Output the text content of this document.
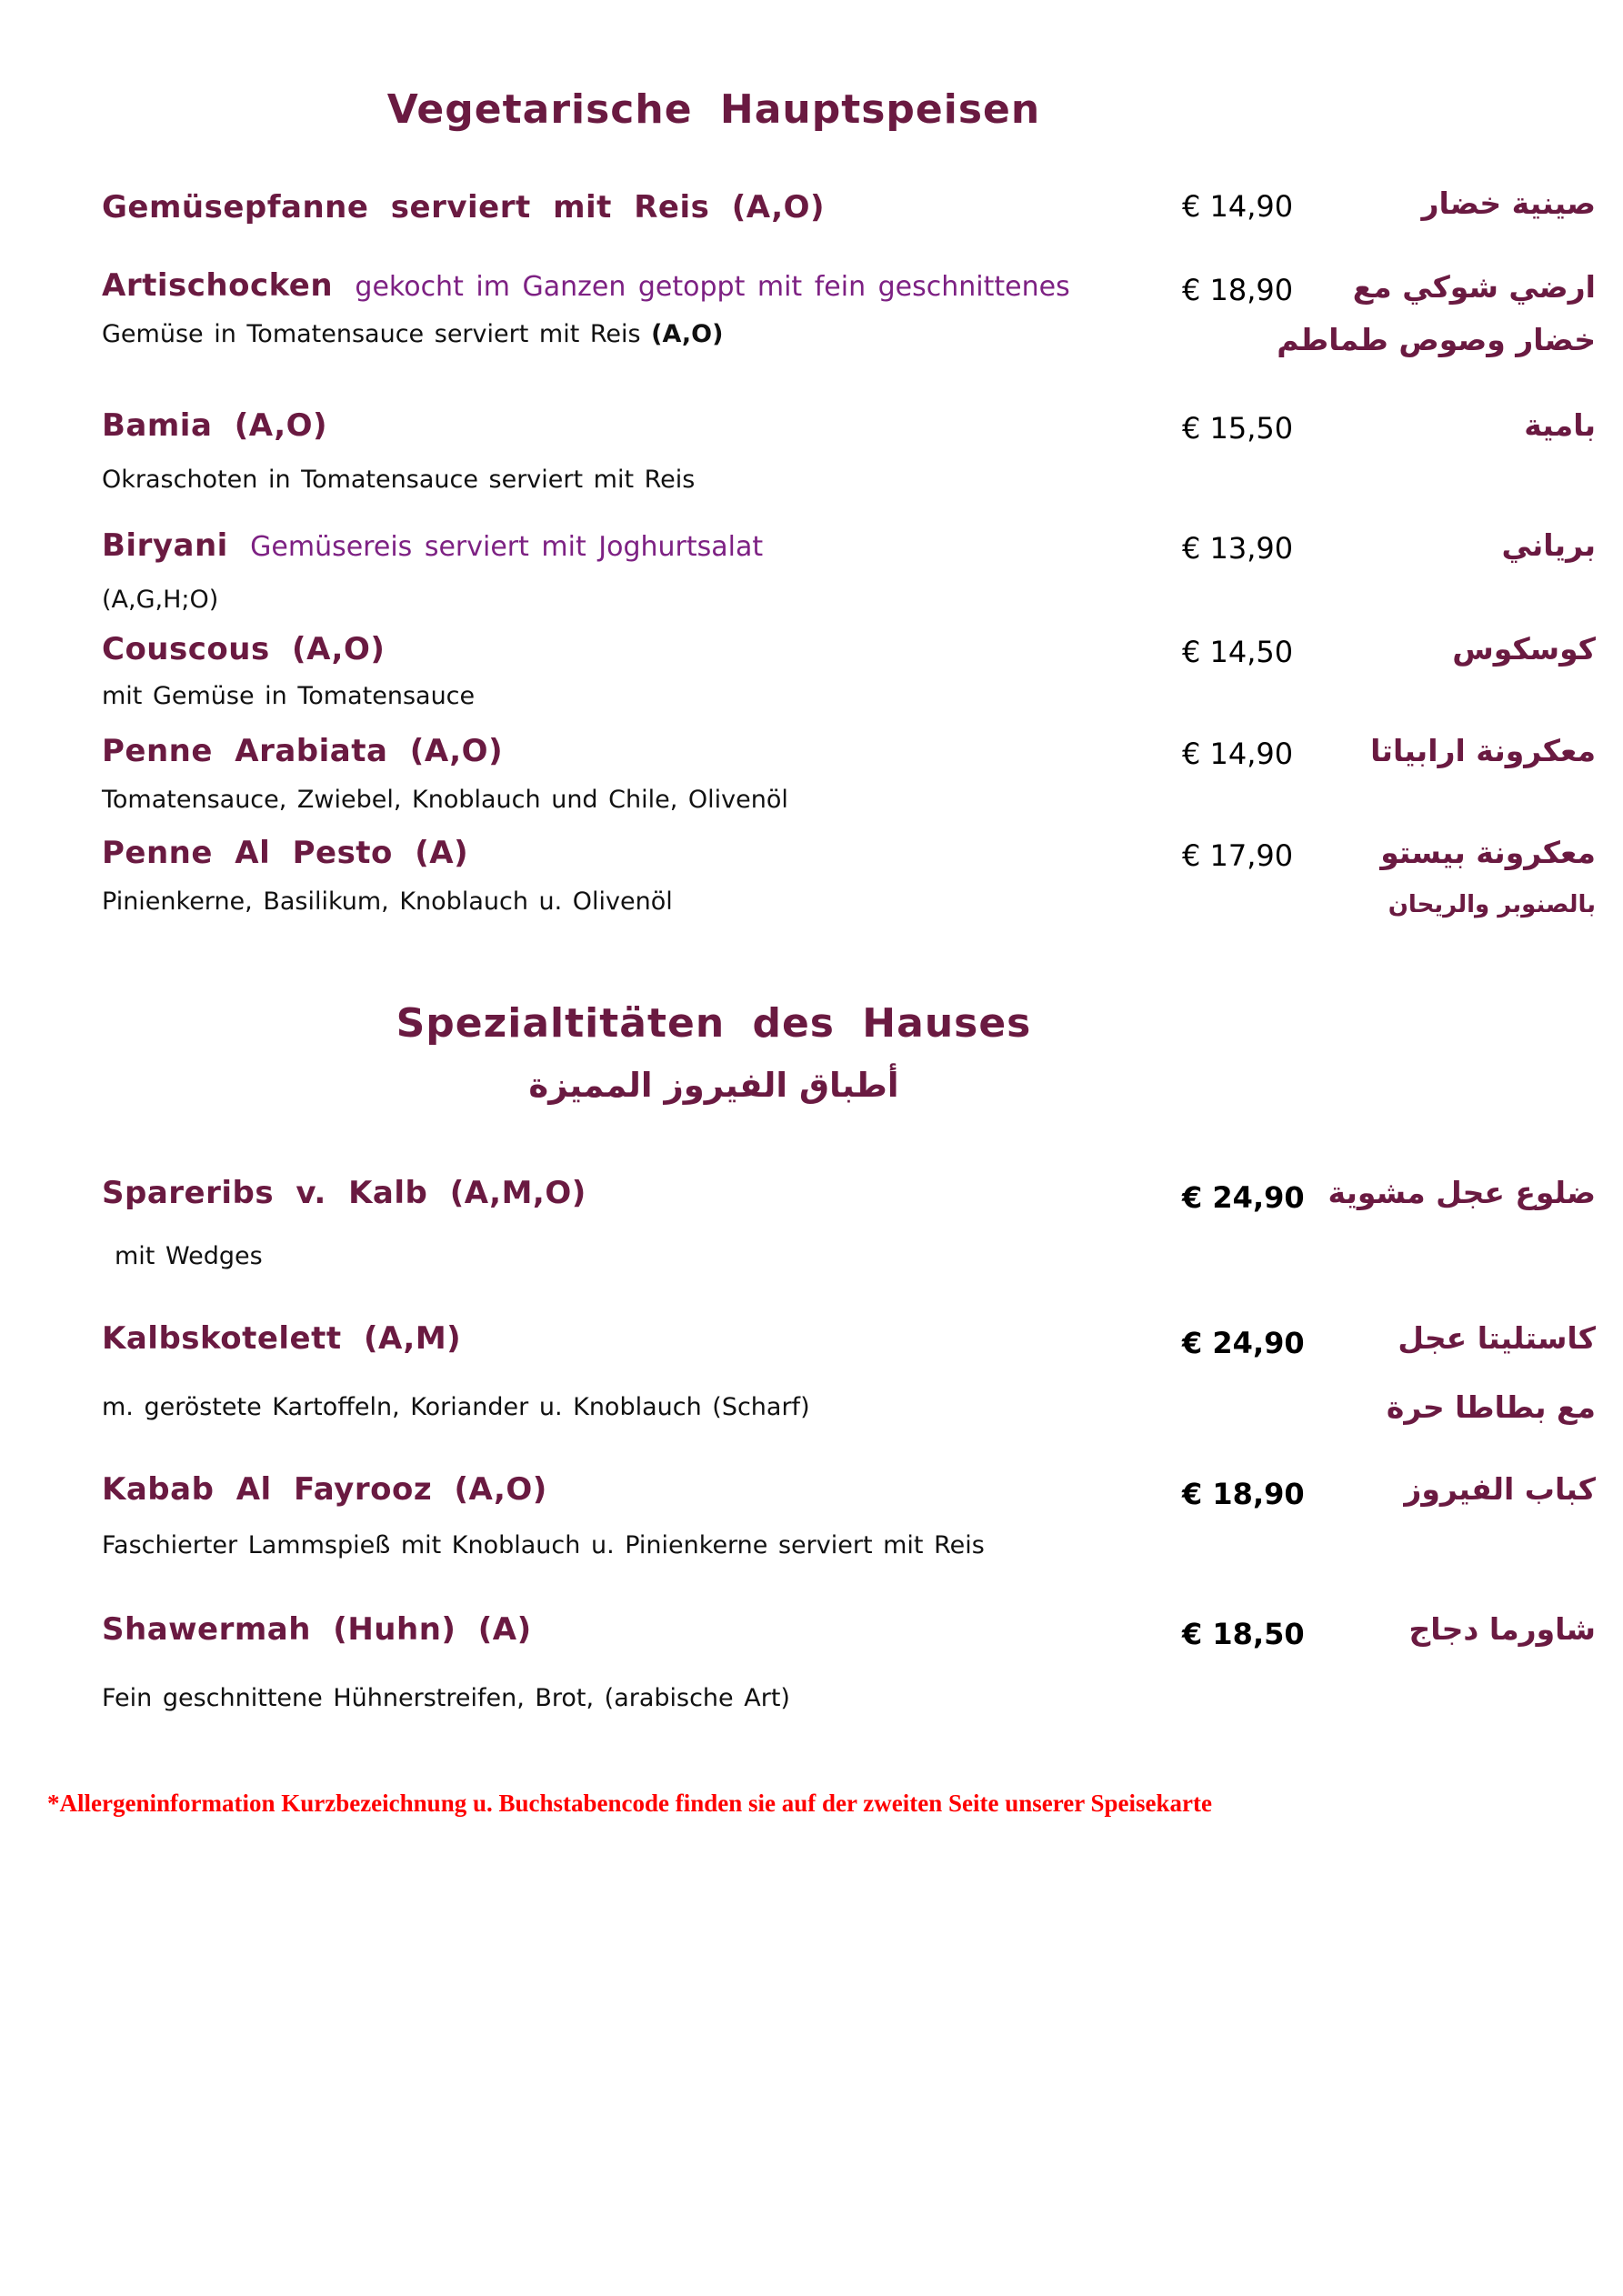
Vegetarische Hauptspeisen
Gemüsepfanne serviert mit Reis (A,O)	€ 14,90	صينية خضار
Artischocken gekocht im Ganzen getoppt mit fein geschnittenes
Gemüse in Tomatensauce serviert mit Reis (A,O)
€ 18,90	ارضي شوكي مع
خضار وصوص طماطم
Bamia (A,O)
Okraschoten in Tomatensauce serviert mit Reis
€ 15,50	بامية
Biryani Gemüsereis serviert mit Joghurtsalat
(A,G,H;O)
€ 13,90	برياني
Couscous (A,O)
mit Gemüse in Tomatensauce
€ 14,50	كوسكوس
Penne Arabiata (A,O)
Tomatensauce, Zwiebel, Knoblauch und Chile, Olivenöl
€ 14,90	معكرونة ارابياتا
Penne Al Pesto (A)
Pinienkerne, Basilikum, Knoblauch u. Olivenöl
€ 17,90	معكرونة بيستو
بالصنوبر والريحان
Spezialtitäten des Hauses
أطباق الفيروز المميزة
Spareribs v. Kalb (A,M,O)
mit Wedges
€ 24,90 ضلوع عجل مشوية
Kalbskotelett (A,M)
m. geröstete Kartoffeln, Koriander u. Knoblauch (Scharf)
€ 24,90	كاستليتا عجل
مع بطاطا حرة
Kabab Al Fayrooz (A,O)
Faschierter Lammspieß mit Knoblauch u. Pinienkerne serviert mit Reis
€ 18,90	كباب الفيروز
Shawermah (Huhn) (A)
Fein geschnittene Hühnerstreifen, Brot, (arabische Art)
€ 18,50	شاورما دجاج
*Allergeninformation Kurzbezeichnung u. Buchstabencode finden sie auf der zweiten Seite unserer Speisekarte
